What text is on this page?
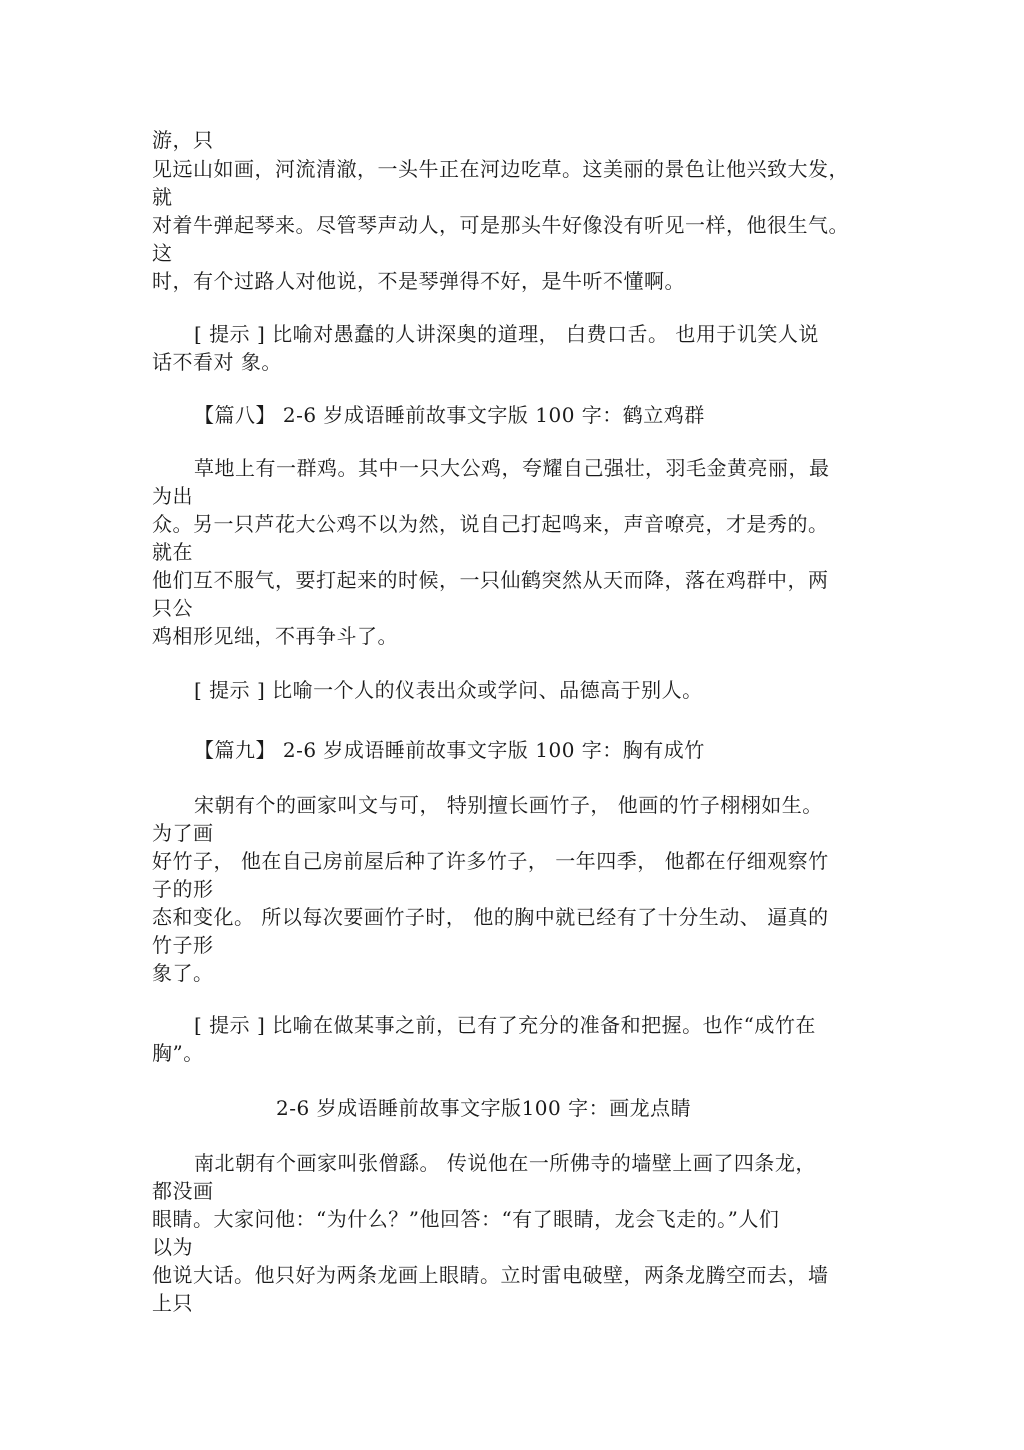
游，只
见远山如画，河流清澈，一头牛正在河边吃草。这美丽的景色让他兴致大发，
就
对着牛弹起琴来。尽管琴声动人，可是那头牛好像没有听见一样，他很生气。
这
时，有个过路人对他说，不是琴弹得不好，是牛听不懂啊。
[ 提示 ] 比喻对愚蠢的人讲深奥的道理， 白费口舌。 也用于讥笑人说
话不看对 象。
【篇八】 2-6 岁成语睡前故事文字版 100 字：鹤立鸡群
草地上有一群鸡。其中一只大公鸡，夸耀自己强壮，羽毛金黄亮丽，最
为出
众。另一只芦花大公鸡不以为然，说自己打起鸣来，声音嘹亮，才是秀的。
就在
他们互不服气，要打起来的时候，一只仙鹤突然从天而降，落在鸡群中，两
只公
鸡相形见绌，不再争斗了。
[ 提示 ] 比喻一个人的仪表出众或学问、品德高于别人。
【篇九】 2-6 岁成语睡前故事文字版 100 字：胸有成竹
宋朝有个的画家叫文与可， 特别擅长画竹子， 他画的竹子栩栩如生。
为了画
好竹子， 他在自己房前屋后种了许多竹子， 一年四季， 他都在仔细观察竹
子的形
态和变化。 所以每次要画竹子时， 他的胸中就已经有了十分生动、 逼真的
竹子形
象了。
[ 提示 ] 比喻在做某事之前，已有了充分的准备和把握。也作“成竹在
胸”。
2-6 岁成语睡前故事文字版100 字：画龙点睛
南北朝有个画家叫张僧繇。 传说他在一所佛寺的墙壁上画了四条龙，
都没画
眼睛。大家问他：“为什么？”他回答：“有了眼睛，龙会飞走的。”人们
以为
他说大话。他只好为两条龙画上眼睛。立时雷电破壁，两条龙腾空而去，墙
上只
